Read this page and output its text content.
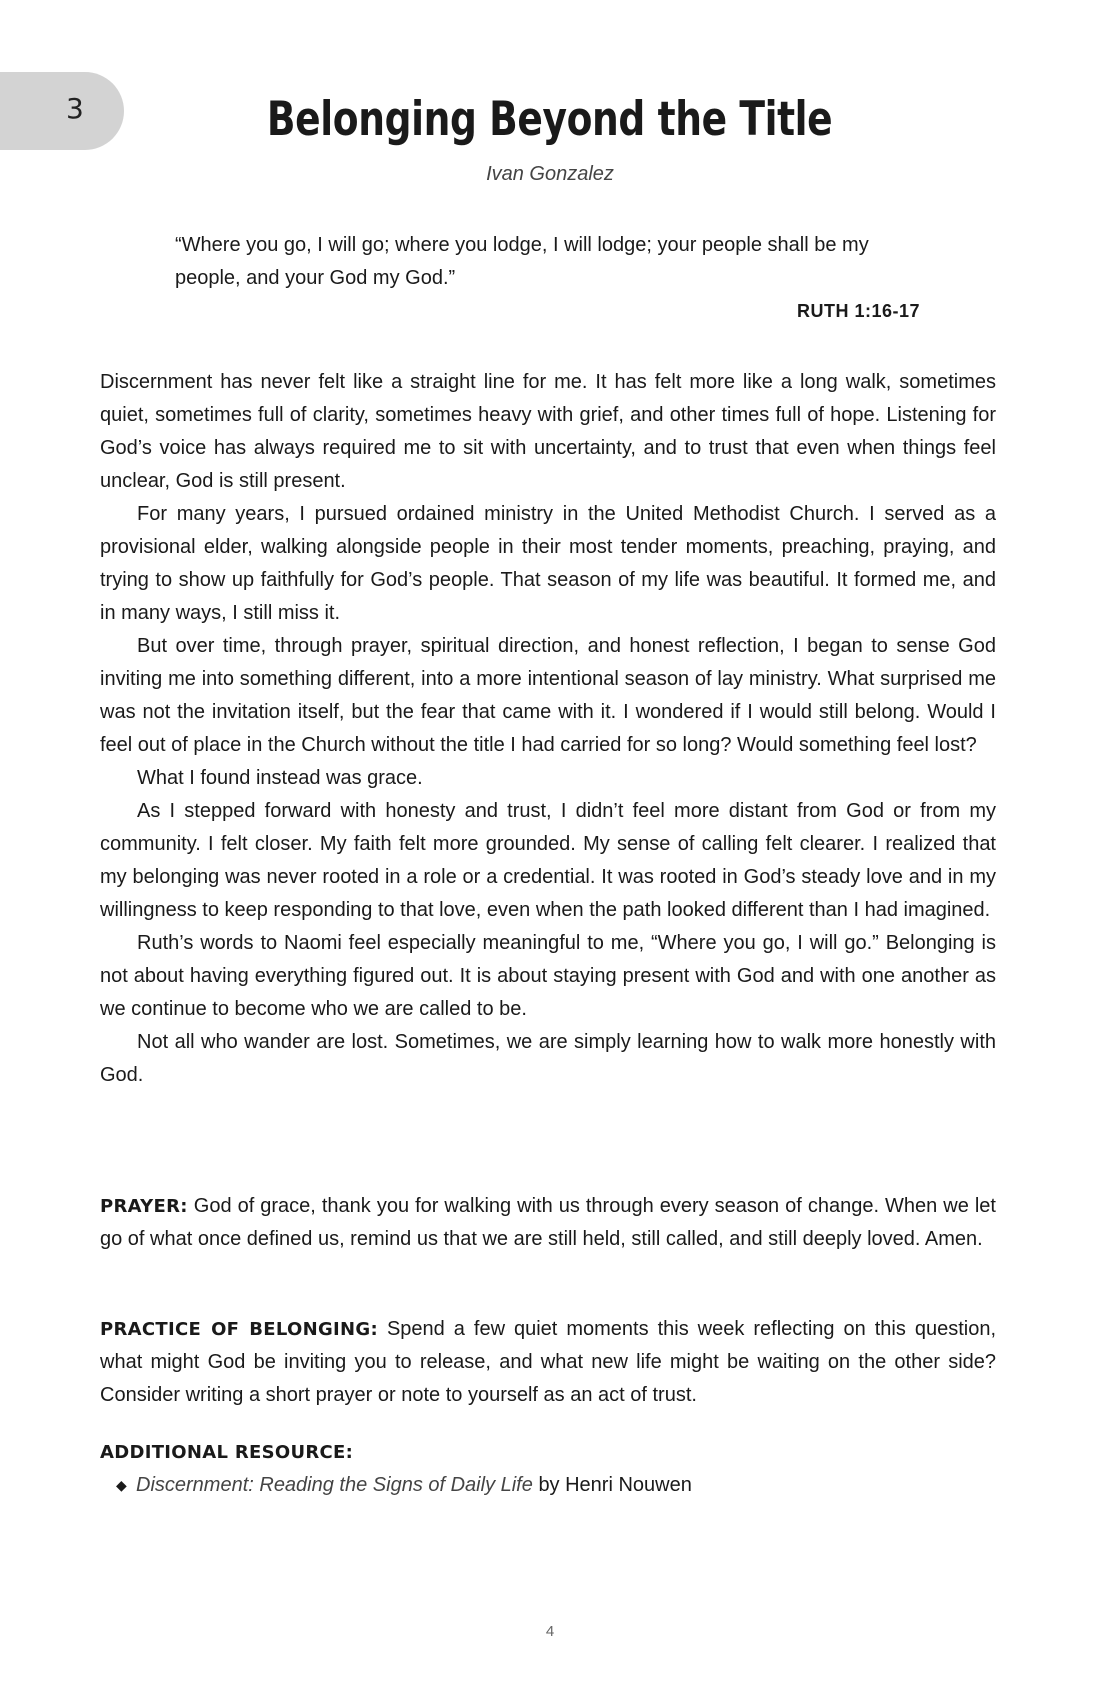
3	Belonging Beyond the Title
Ivan Gonzalez

“Where you go, I will go; where you lodge, I will lodge; your people shall be my people, and your God my God.”

RUTH 1:16-17

Discernment has never felt like a straight line for me. It has felt more like a long walk, sometimes quiet, sometimes full of clarity, sometimes heavy with grief, and other times full of hope. Listening for God’s voice has always required me to sit with uncertainty, and to trust that even when things feel unclear, God is still present.

For many years, I pursued ordained ministry in the United Methodist Church. I served as a provisional elder, walking alongside people in their most tender moments, preaching, praying, and trying to show up faithfully for God’s people. That season of my life was beautiful. It formed me, and in many ways, I still miss it.

But over time, through prayer, spiritual direction, and honest reflection, I began to sense God inviting me into something different, into a more intentional season of lay ministry. What surprised me was not the invitation itself, but the fear that came with it. I wondered if I would still belong. Would I feel out of place in the Church without the title I had carried for so long? Would something feel lost?

What I found instead was grace.

As I stepped forward with honesty and trust, I didn’t feel more distant from God or from my community. I felt closer. My faith felt more grounded. My sense of calling felt clearer. I realized that my belonging was never rooted in a role or a credential. It was rooted in God’s steady love and in my willingness to keep responding to that love, even when the path looked different than I had imagined.

Ruth’s words to Naomi feel especially meaningful to me, “Where you go, I will go.” Belonging is not about having everything figured out. It is about staying present with God and with one another as we continue to become who we are called to be.

Not all who wander are lost. Sometimes, we are simply learning how to walk more honestly with God.

PRAYER: God of grace, thank you for walking with us through every season of change. When we let go of what once defined us, remind us that we are still held, still called, and still deeply loved. Amen.
PRACTICE OF BELONGING: Spend a few quiet moments this week reflecting on this question, what might God be inviting you to release, and what new life might be waiting on the other side? Consider writing a short prayer or note to yourself as an act of trust.
ADDITIONAL RESOURCE:
◆ Discernment: Reading the Signs of Daily Life by Henri Nouwen
4
